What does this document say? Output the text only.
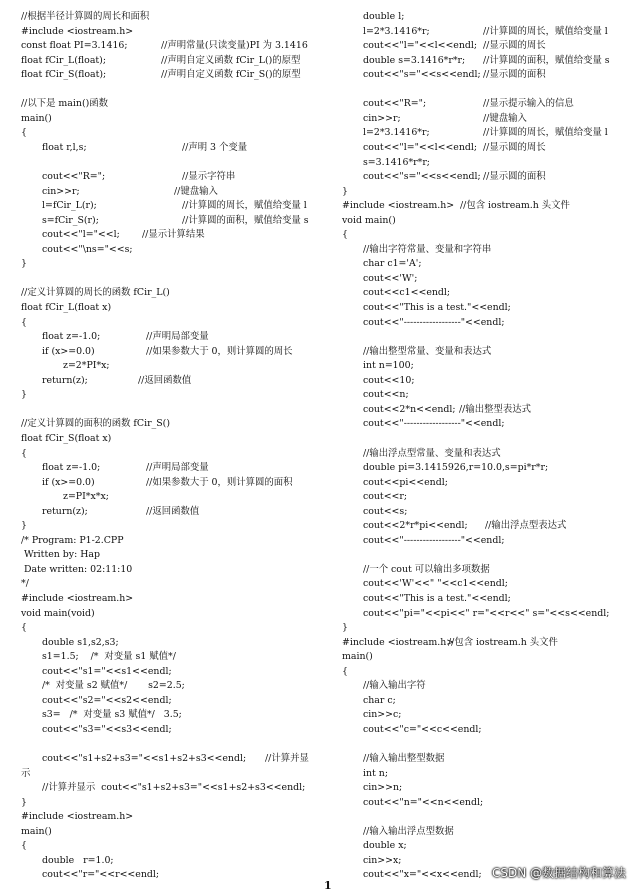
//根据半径计算圆的周长和面积
#include <iostream.h>
const float PI=3.1416;	//声明常量(只读变量)PI 为 3.1416
float fCir_L(float);	//声明自定义函数 fCir_L()的原型
float fCir_S(float);	//声明自定义函数 fCir_S()的原型
//以下是 main()函数
main()
{
float r,l,s;	//声明 3 个变量
cout<<"R=";	//显示字符串
cin>>r;	//键盘输入
l=fCir_L(r);	//计算圆的周长，赋值给变量 l
s=fCir_S(r);	//计算圆的面积，赋值给变量 s
cout<<"l="<<l; //显示计算结果
cout<<"\ns="<<s;
}
//定义计算圆的周长的函数 fCir_L()
float fCir_L(float x)
{
float z=-1.0;	//声明局部变量
if (x>=0.0)	//如果参数大于 0，则计算圆的周长
z=2*PI*x;
return(z);	//返回函数值
}
//定义计算圆的面积的函数 fCir_S()
float fCir_S(float x)
{
float z=-1.0;	//声明局部变量
if (x>=0.0)	//如果参数大于 0，则计算圆的面积
z=PI*x*x;
return(z);	//返回函数值
}
/* Program: P1-2.CPP
Written by: Hap
Date written: 02:11:10
*/
#include <iostream.h>
void main(void)
{
double s1,s2,s3;
s1=1.5;    /*  对变量 s1 赋值*/
cout<<"s1="<<s1<<endl;
/*  对变量 s2 赋值*/       s2=2.5;
cout<<"s2="<<s2<<endl;
s3=   /*  对变量 s3 赋值*/   3.5;
cout<<"s3="<<s3<<endl;
cout<<"s1+s2+s3="<<s1+s2+s3<<endl; //计算并显
示
//计算并显示  cout<<"s1+s2+s3="<<s1+s2+s3<<endl;
}
#include <iostream.h>
main()
{
double   r=1.0;
cout<<"r="<<r<<endl;
double l;
l=2*3.1416*r;	//计算圆的周长，赋值给变量 l
cout<<"l="<<l<<endl; //显示圆的周长
double s=3.1416*r*r; //计算圆的面积，赋值给变量 s
cout<<"s="<<s<<endl; //显示圆的面积
cout<<"R=";	//显示提示输入的信息
cin>>r;	//键盘输入
l=2*3.1416*r;	//计算圆的周长，赋值给变量 l
cout<<"l="<<l<<endl; //显示圆的周长
s=3.1416*r*r;
cout<<"s="<<s<<endl; //显示圆的面积
}
#include <iostream.h> //包含 iostream.h 头文件
void main()
{
//输出字符常量、变量和字符串
char c1='A';
cout<<'W';
cout<<c1<<endl;
cout<<"This is a test."<<endl;
cout<<"------------------"<<endl;
//输出整型常量、变量和表达式
int n=100;
cout<<10;
cout<<n;
cout<<2*n<<endl; //输出整型表达式
cout<<"------------------"<<endl;
//输出浮点型常量、变量和表达式
double pi=3.1415926,r=10.0,s=pi*r*r;
cout<<pi<<endl;
cout<<r;
cout<<s;
cout<<2*r*pi<<endl; //输出浮点型表达式
cout<<"------------------"<<endl;
//一个 cout 可以输出多项数据
cout<<'W'<<" "<<c1<<endl;
cout<<"This is a test."<<endl;
cout<<"pi="<<pi<<" r="<<r<<" s="<<s<<endl;
}
#include <iostream.h>
//包含 iostream.h 头文件
main()
{
//输入输出字符
char c;
cin>>c;
cout<<"c="<<c<<endl;
//输入输出整型数据
int n;
cin>>n;
cout<<"n="<<n<<endl;
//输入输出浮点型数据
double x;
cin>>x;
cout<<"x="<<x<<endl;
1
CSDN @数据结构和算法
